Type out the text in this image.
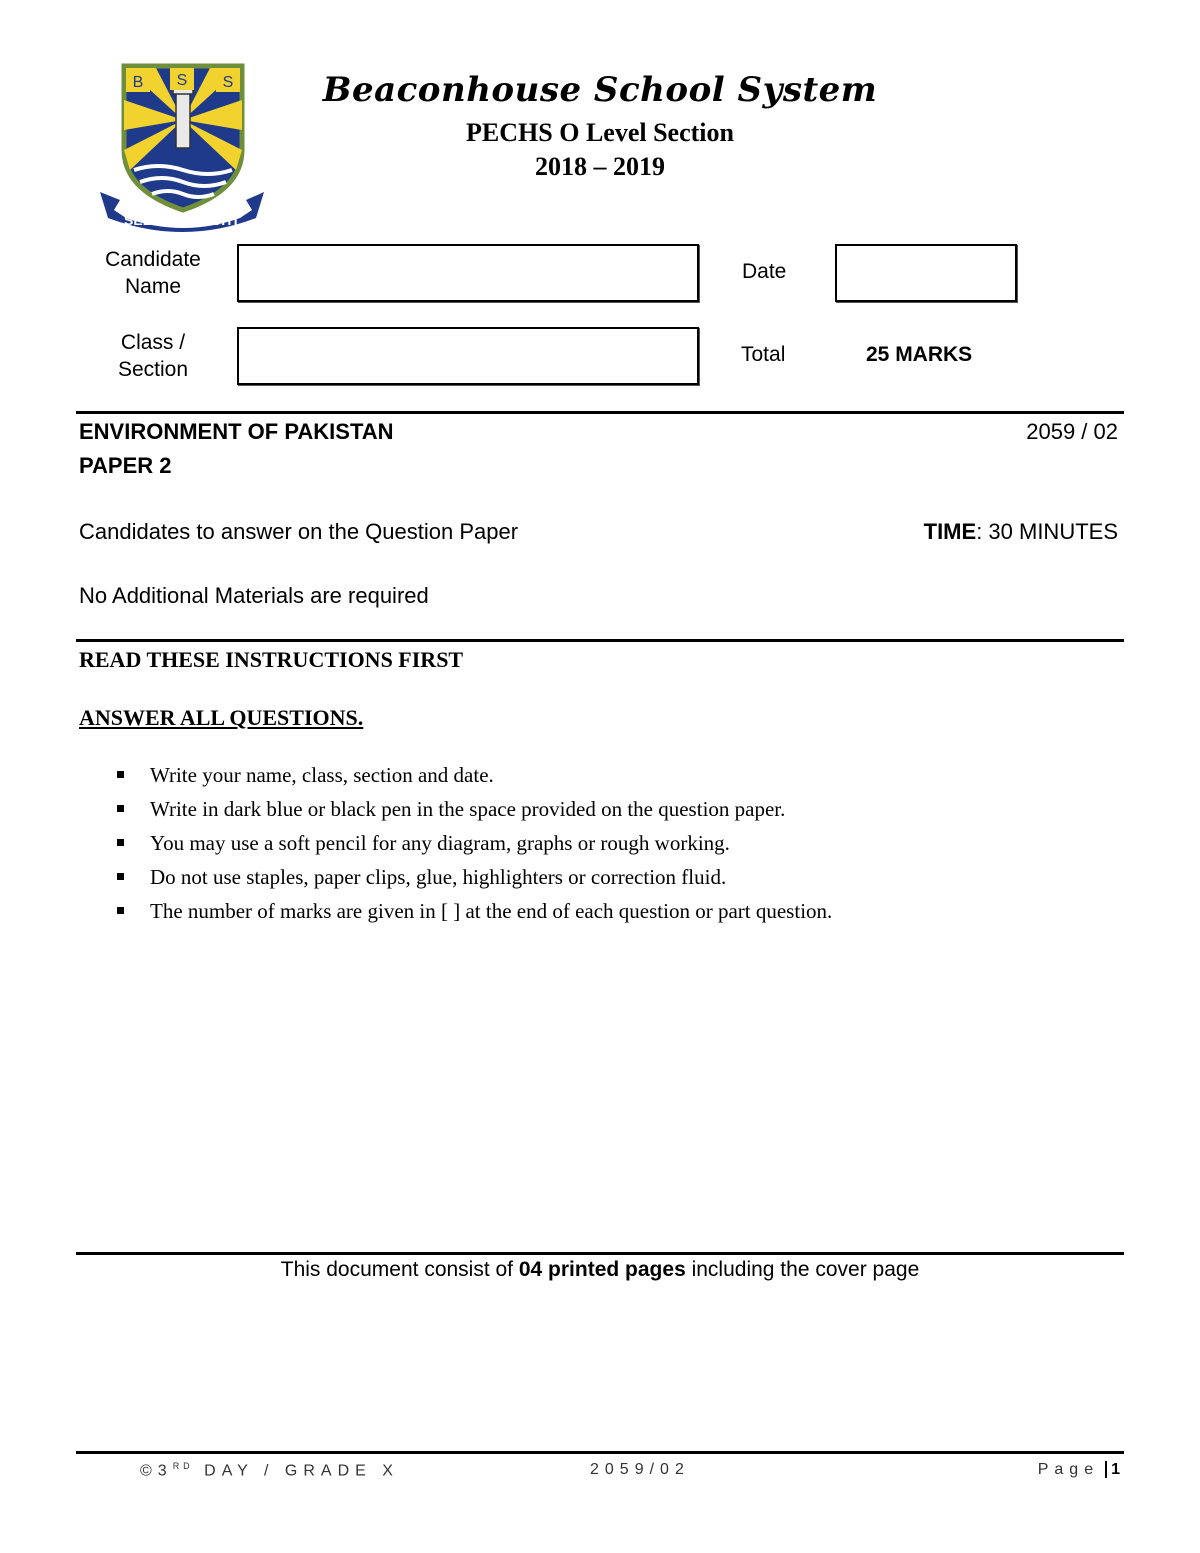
B S S
SEEK THE LIGHT
Beaconhouse School System
PECHS O Level Section
2018 – 2019
Candidate Name
Class / Section
Date
Total	25 MARKS
ENVIRONMENT OF PAKISTAN
PAPER 2
2059 / 02
Candidates to answer on the Question Paper	TIME: 30 MINUTES
No Additional Materials are required
READ THESE INSTRUCTIONS FIRST
ANSWER ALL QUESTIONS.
Write your name, class, section and date.
Write in dark blue or black pen in the space provided on the question paper.
You may use a soft pencil for any diagram, graphs or rough working.
Do not use staples, paper clips, glue, highlighters or correction fluid.
The number of marks are given in [ ] at the end of each question or part question.
This document consist of 04 printed pages including the cover page
©3RD DAY / GRADE X	2059/02	Page 1
